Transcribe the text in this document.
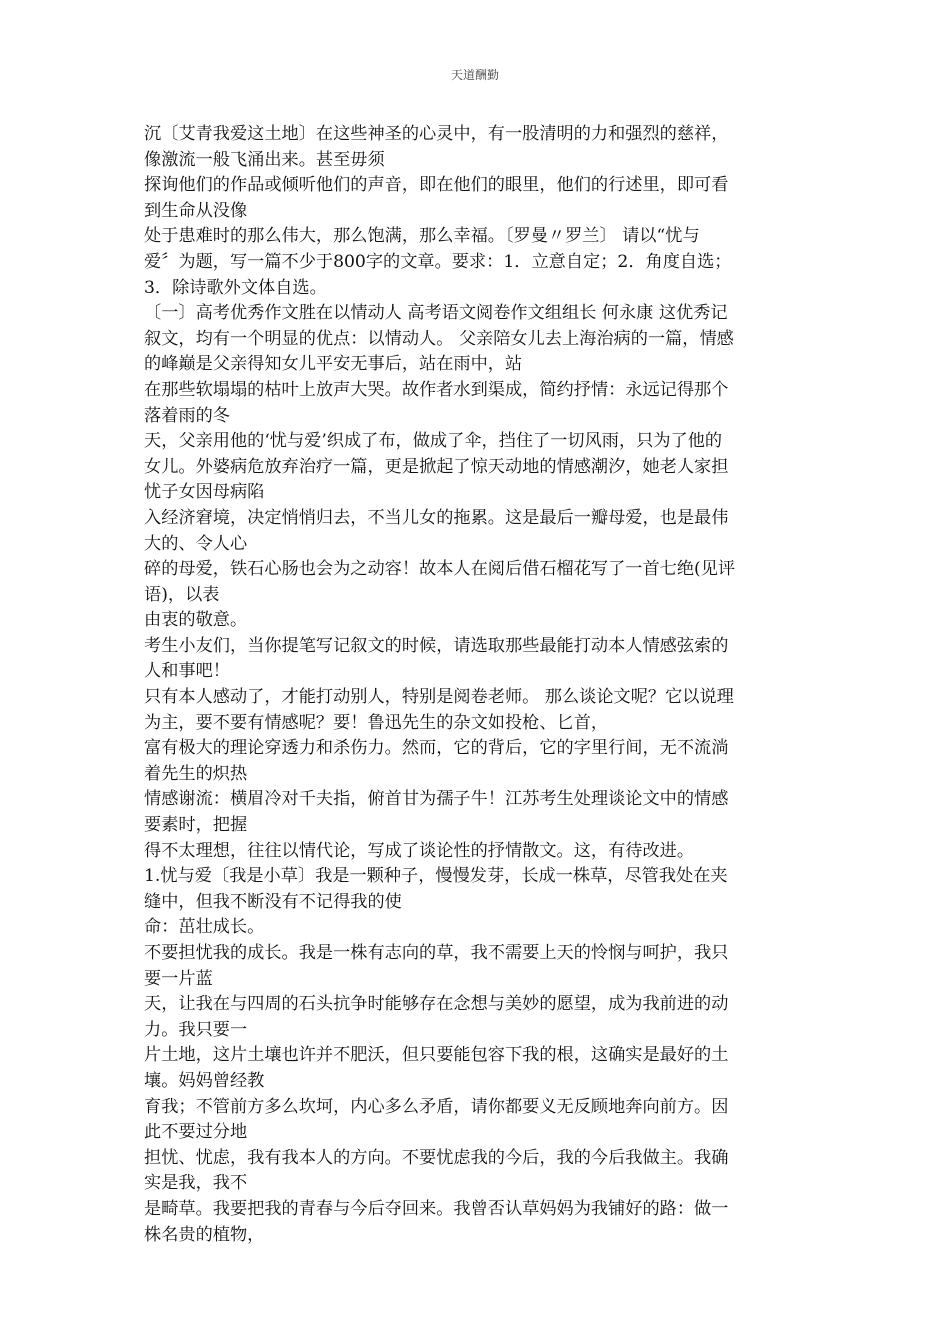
天道酬勤
沉〔艾青我爱这土地〕在这些神圣的心灵中，有一股清明的力和强烈的慈祥，
像激流一般飞涌出来。甚至毋须
探询他们的作品或倾听他们的声音，即在他们的眼里，他们的行述里，即可看
到生命从没像
处于患难时的那么伟大，那么饱满，那么幸福。〔罗曼〃罗兰〕 请以“忧与
爱〞为题，写一篇不少于800字的文章。要求：1．立意自定；2．角度自选；
3．除诗歌外文体自选。
〔一〕高考优秀作文胜在以情动人 高考语文阅卷作文组组长 何永康 这优秀记
叙文，均有一个明显的优点：以情动人。 父亲陪女儿去上海治病的一篇，情感
的峰巅是父亲得知女儿平安无事后，站在雨中，站
在那些软塌塌的枯叶上放声大哭。故作者水到渠成，简约抒情：永远记得那个
落着雨的冬
天，父亲用他的‘忧与爱’织成了布，做成了伞，挡住了一切风雨，只为了他的
女儿。外婆病危放弃治疗一篇，更是掀起了惊天动地的情感潮汐，她老人家担
忧子女因母病陷
入经济窘境，决定悄悄归去，不当儿女的拖累。这是最后一瓣母爱，也是最伟
大的、令人心
碎的母爱，铁石心肠也会为之动容！故本人在阅后借石榴花写了一首七绝(见评
语)，以表
由衷的敬意。
考生小友们，当你提笔写记叙文的时候，请选取那些最能打动本人情感弦索的
人和事吧！
只有本人感动了，才能打动别人，特别是阅卷老师。 那么谈论文呢？它以说理
为主，要不要有情感呢？要！鲁迅先生的杂文如投枪、匕首，
富有极大的理论穿透力和杀伤力。然而，它的背后，它的字里行间，无不流淌
着先生的炽热
情感谢流：横眉冷对千夫指，俯首甘为孺子牛！江苏考生处理谈论文中的情感
要素时，把握
得不太理想，往往以情代论，写成了谈论性的抒情散文。这，有待改进。
1.忧与爱〔我是小草〕我是一颗种子，慢慢发芽，长成一株草，尽管我处在夹
缝中，但我不断没有不记得我的使
命：茁壮成长。
不要担忧我的成长。我是一株有志向的草，我不需要上天的怜悯与呵护，我只
要一片蓝
天，让我在与四周的石头抗争时能够存在念想与美妙的愿望，成为我前进的动
力。我只要一
片土地，这片土壤也许并不肥沃，但只要能包容下我的根，这确实是最好的土
壤。妈妈曾经教
育我；不管前方多么坎坷，内心多么矛盾，请你都要义无反顾地奔向前方。因
此不要过分地
担忧、忧虑，我有我本人的方向。不要忧虑我的今后，我的今后我做主。我确
实是我，我不
是畸草。我要把我的青春与今后夺回来。我曾否认草妈妈为我铺好的路：做一
株名贵的植物，
